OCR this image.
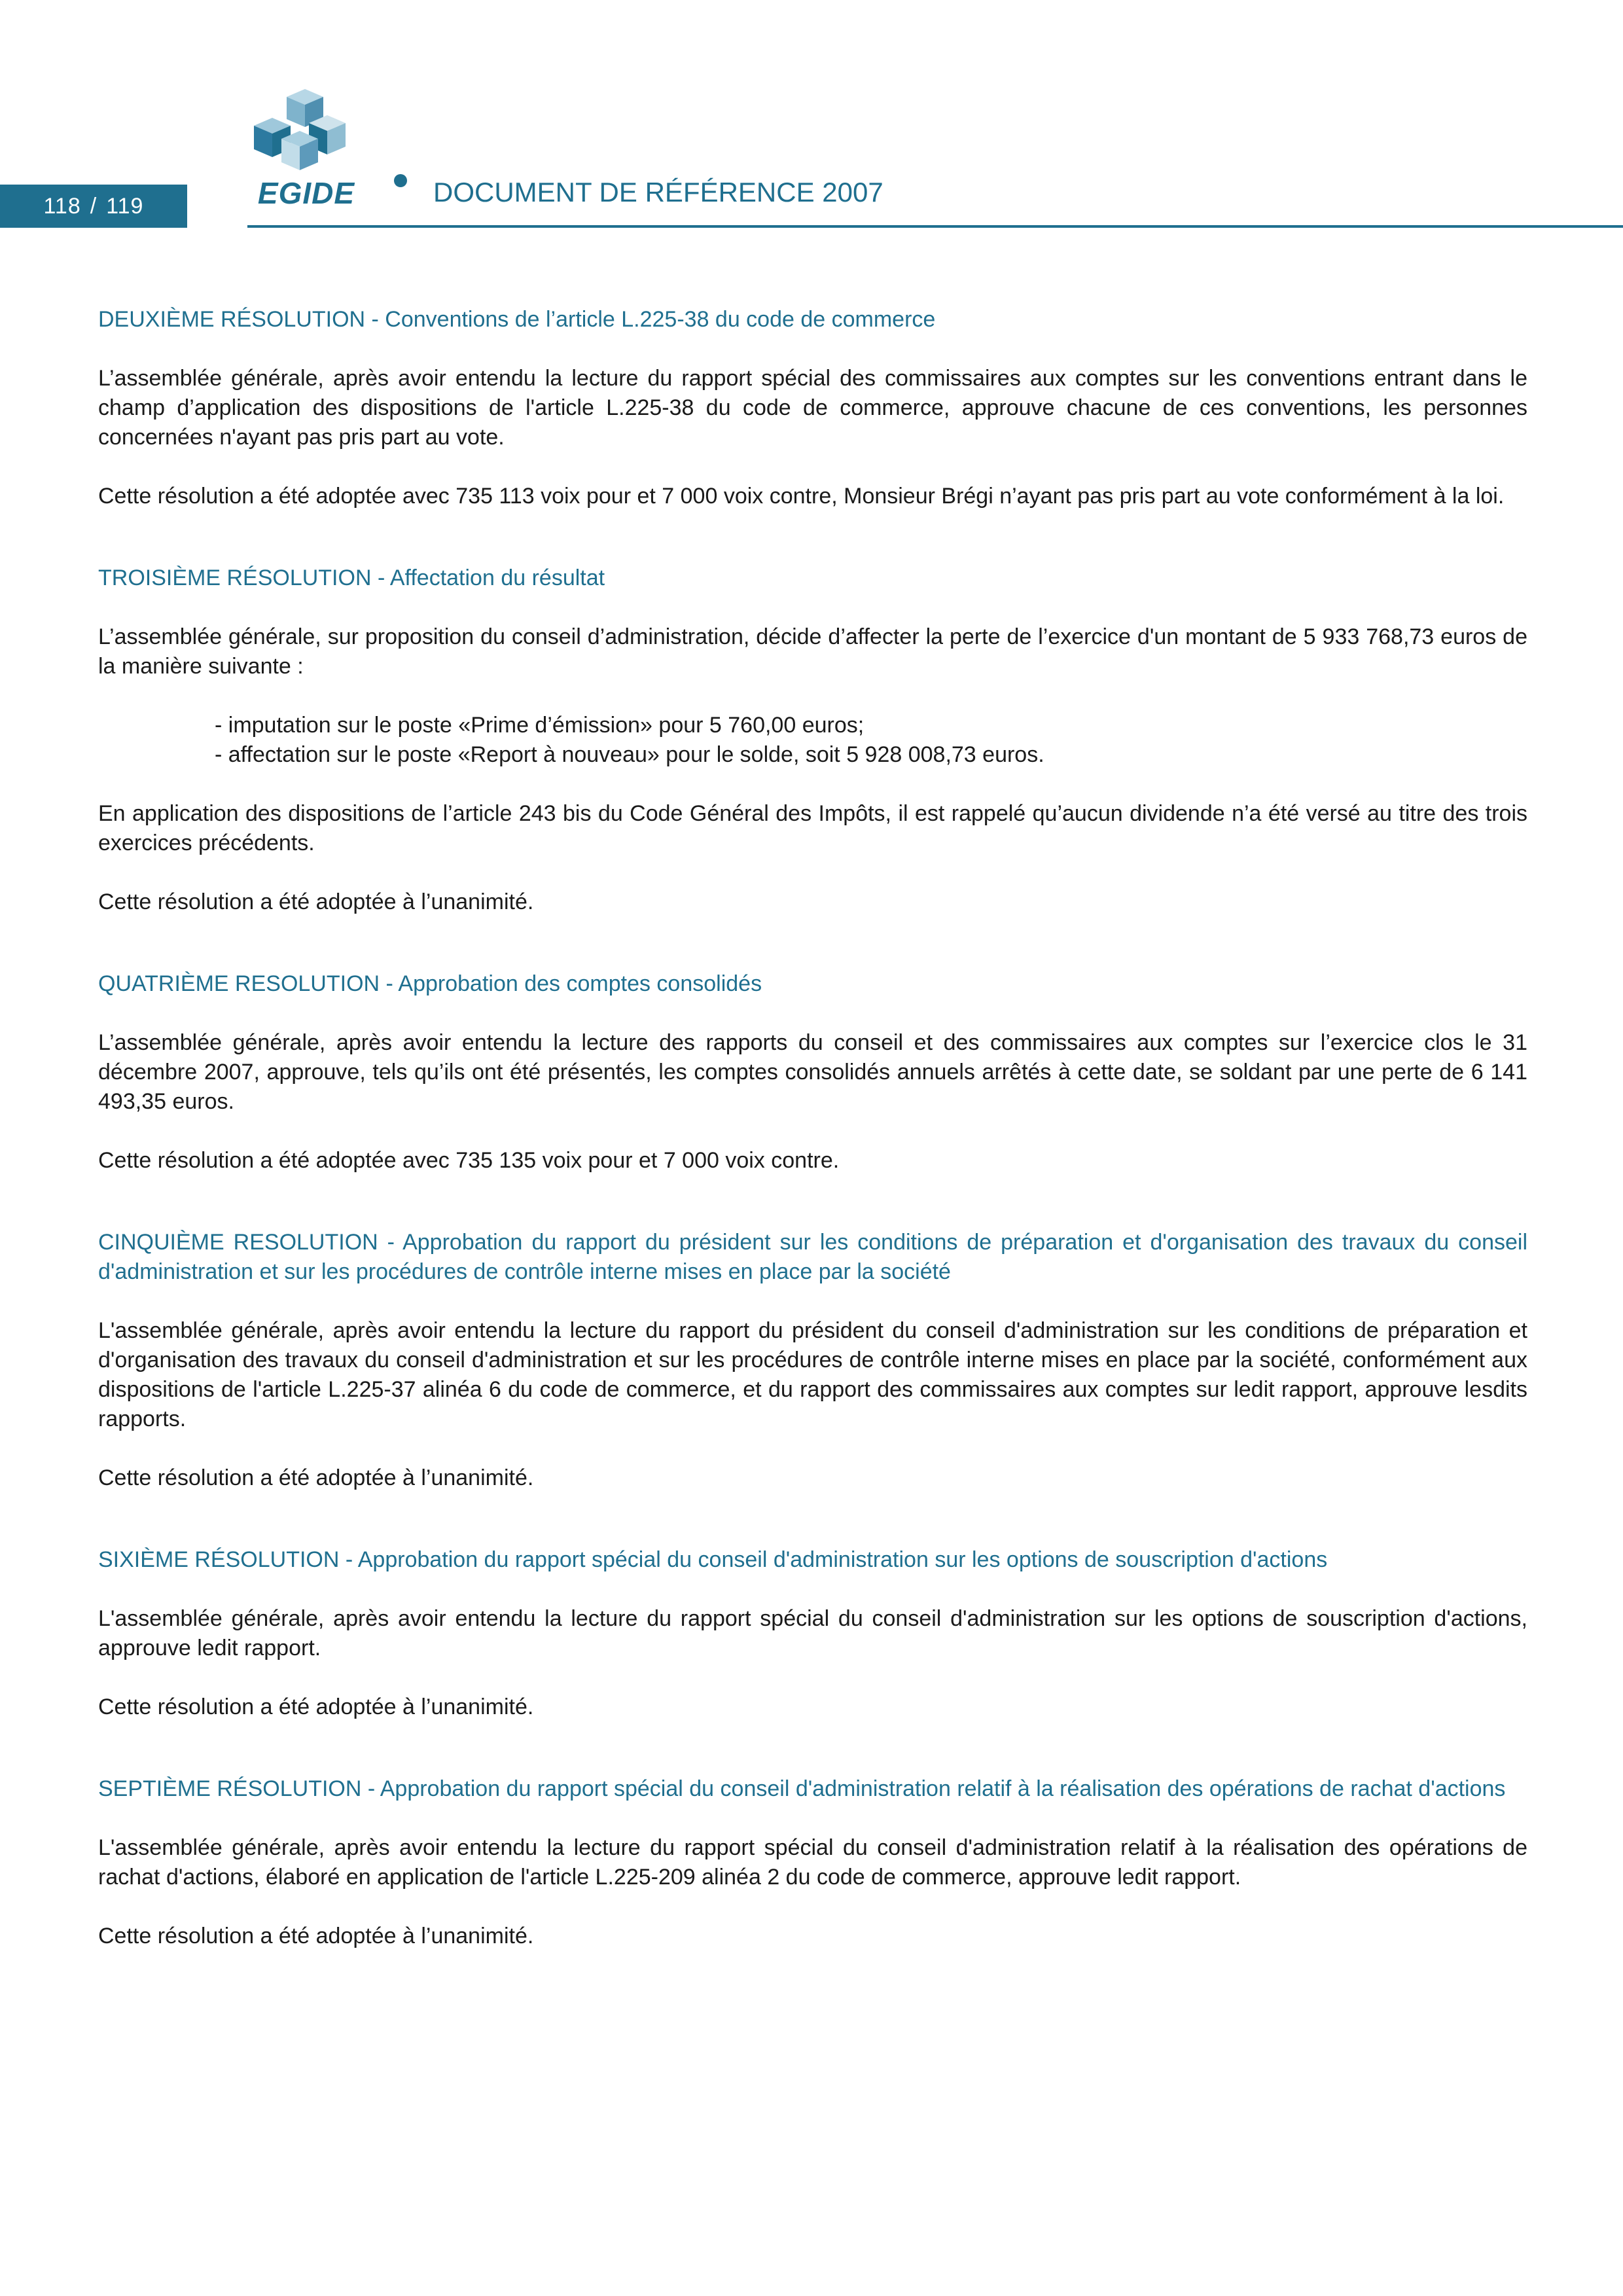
118 / 119	EGIDE	DOCUMENT DE RÉFÉRENCE 2007
DEUXIÈME RÉSOLUTION - Conventions de l’article L.225-38 du code de commerce

L’assemblée générale, après avoir entendu la lecture du rapport spécial des commissaires aux comptes sur les conventions entrant dans le champ d’application des dispositions de l'article L.225-38 du code de commerce, approuve chacune de ces conventions, les personnes concernées n'ayant pas pris part au vote.

Cette résolution a été adoptée avec 735 113 voix pour et 7 000 voix contre, Monsieur Brégi n’ayant pas pris part au vote conformément à la loi.

TROISIÈME RÉSOLUTION - Affectation du résultat

L’assemblée générale, sur proposition du conseil d’administration, décide d’affecter la perte de l’exercice d'un montant de 5 933 768,73 euros de la manière suivante :

- imputation sur le poste «Prime d’émission» pour 5 760,00 euros;
- affectation sur le poste «Report à nouveau» pour le solde, soit 5 928 008,73 euros.

En application des dispositions de l’article 243 bis du Code Général des Impôts, il est rappelé qu’aucun dividende n’a été versé au titre des trois exercices précédents.

Cette résolution a été adoptée à l’unanimité.

QUATRIÈME RESOLUTION - Approbation des comptes consolidés

L’assemblée générale, après avoir entendu la lecture des rapports du conseil et des commissaires aux comptes sur l’exercice clos le 31 décembre 2007, approuve, tels qu’ils ont été présentés, les comptes consolidés annuels arrêtés à cette date, se soldant par une perte de 6 141 493,35 euros.

Cette résolution a été adoptée avec 735 135 voix pour et 7 000 voix contre.

CINQUIÈME RESOLUTION - Approbation du rapport du président sur les conditions de préparation et d'organisation des travaux du conseil d'administration et sur les procédures de contrôle interne mises en place par la société

L'assemblée générale, après avoir entendu la lecture du rapport du président du conseil d'administration sur les conditions de préparation et d'organisation des travaux du conseil d'administration et sur les procédures de contrôle interne mises en place par la société, conformément aux dispositions de l'article L.225-37 alinéa 6 du code de commerce, et du rapport des commissaires aux comptes sur ledit rapport, approuve lesdits rapports.

Cette résolution a été adoptée à l’unanimité.

SIXIÈME RÉSOLUTION - Approbation du rapport spécial du conseil d'administration sur les options de souscription d'actions

L'assemblée générale, après avoir entendu la lecture du rapport spécial du conseil d'administration sur les options de souscription d'actions, approuve ledit rapport.

Cette résolution a été adoptée à l’unanimité.

SEPTIÈME RÉSOLUTION - Approbation du rapport spécial du conseil d'administration relatif à la réalisation des opérations de rachat d'actions

L'assemblée générale, après avoir entendu la lecture du rapport spécial du conseil d'administration relatif à la réalisation des opérations de rachat d'actions, élaboré en application de l'article L.225-209 alinéa 2 du code de commerce, approuve ledit rapport.

Cette résolution a été adoptée à l’unanimité.
